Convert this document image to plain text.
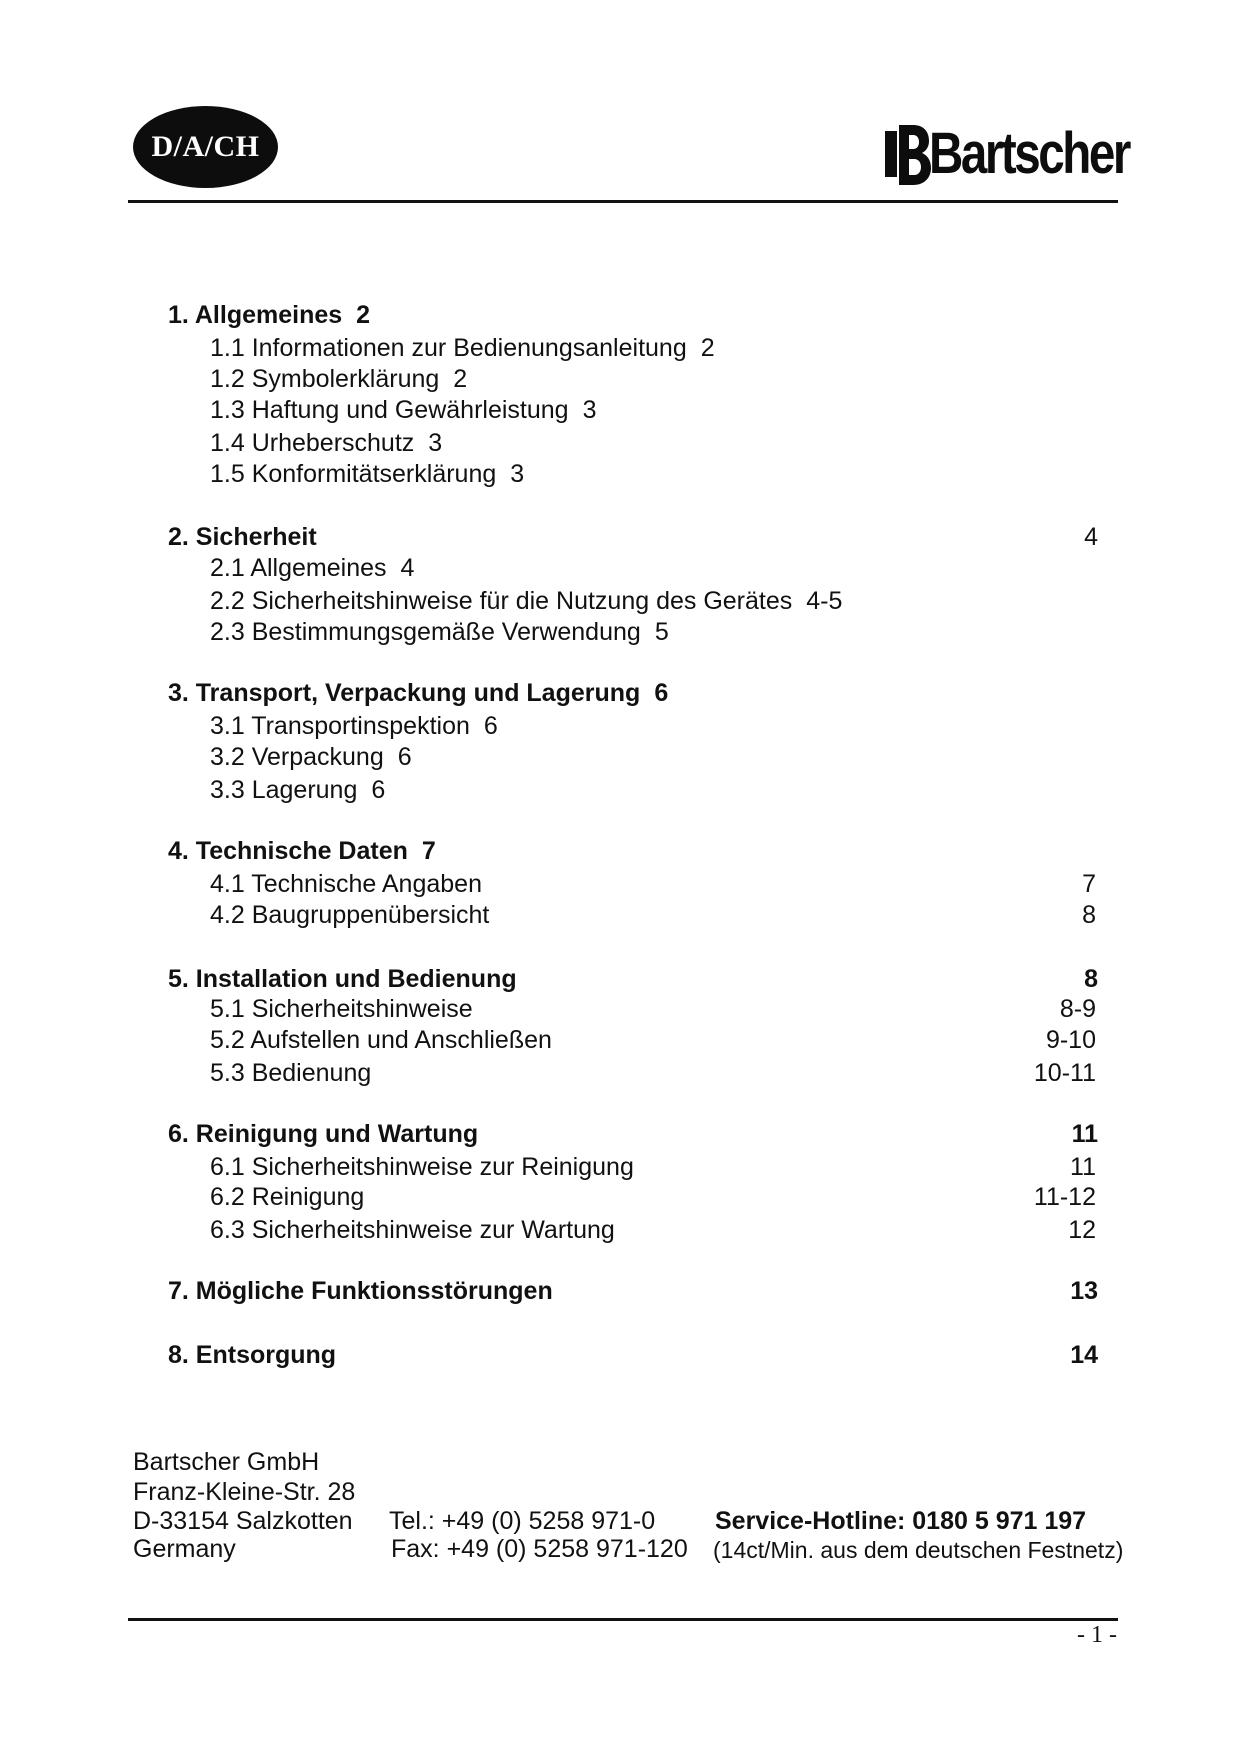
D/A/CH	Bartscher
1. Allgemeines 2
1.1 Informationen zur Bedienungsanleitung 2
1.2 Symbolerklärung 2
1.3 Haftung und Gewährleistung 3
1.4 Urheberschutz 3
1.5 Konformitätserklärung 3
2. Sicherheit	4
2.1 Allgemeines 4
2.2 Sicherheitshinweise für die Nutzung des Gerätes 4-5
2.3 Bestimmungsgemäße Verwendung 5
3. Transport, Verpackung und Lagerung 6
3.1 Transportinspektion 6
3.2 Verpackung 6
3.3 Lagerung 6
4. Technische Daten 7
4.1 Technische Angaben	7
4.2 Baugruppenübersicht	8
5. Installation und Bedienung	8
5.1 Sicherheitshinweise	8-9
5.2 Aufstellen und Anschließen	9-10
5.3 Bedienung	10-11
6. Reinigung und Wartung	11
6.1 Sicherheitshinweise zur Reinigung	11
6.2 Reinigung	11-12
6.3 Sicherheitshinweise zur Wartung	12
7. Mögliche Funktionsstörungen	13
8. Entsorgung	14
Bartscher GmbH
Franz-Kleine-Str. 28
D-33154 Salzkotten
Germany
Tel.: +49 (0) 5258 971-0
Fax: +49 (0) 5258 971-120
Service-Hotline: 0180 5 971 197
(14ct/Min. aus dem deutschen Festnetz)
- 1 -
